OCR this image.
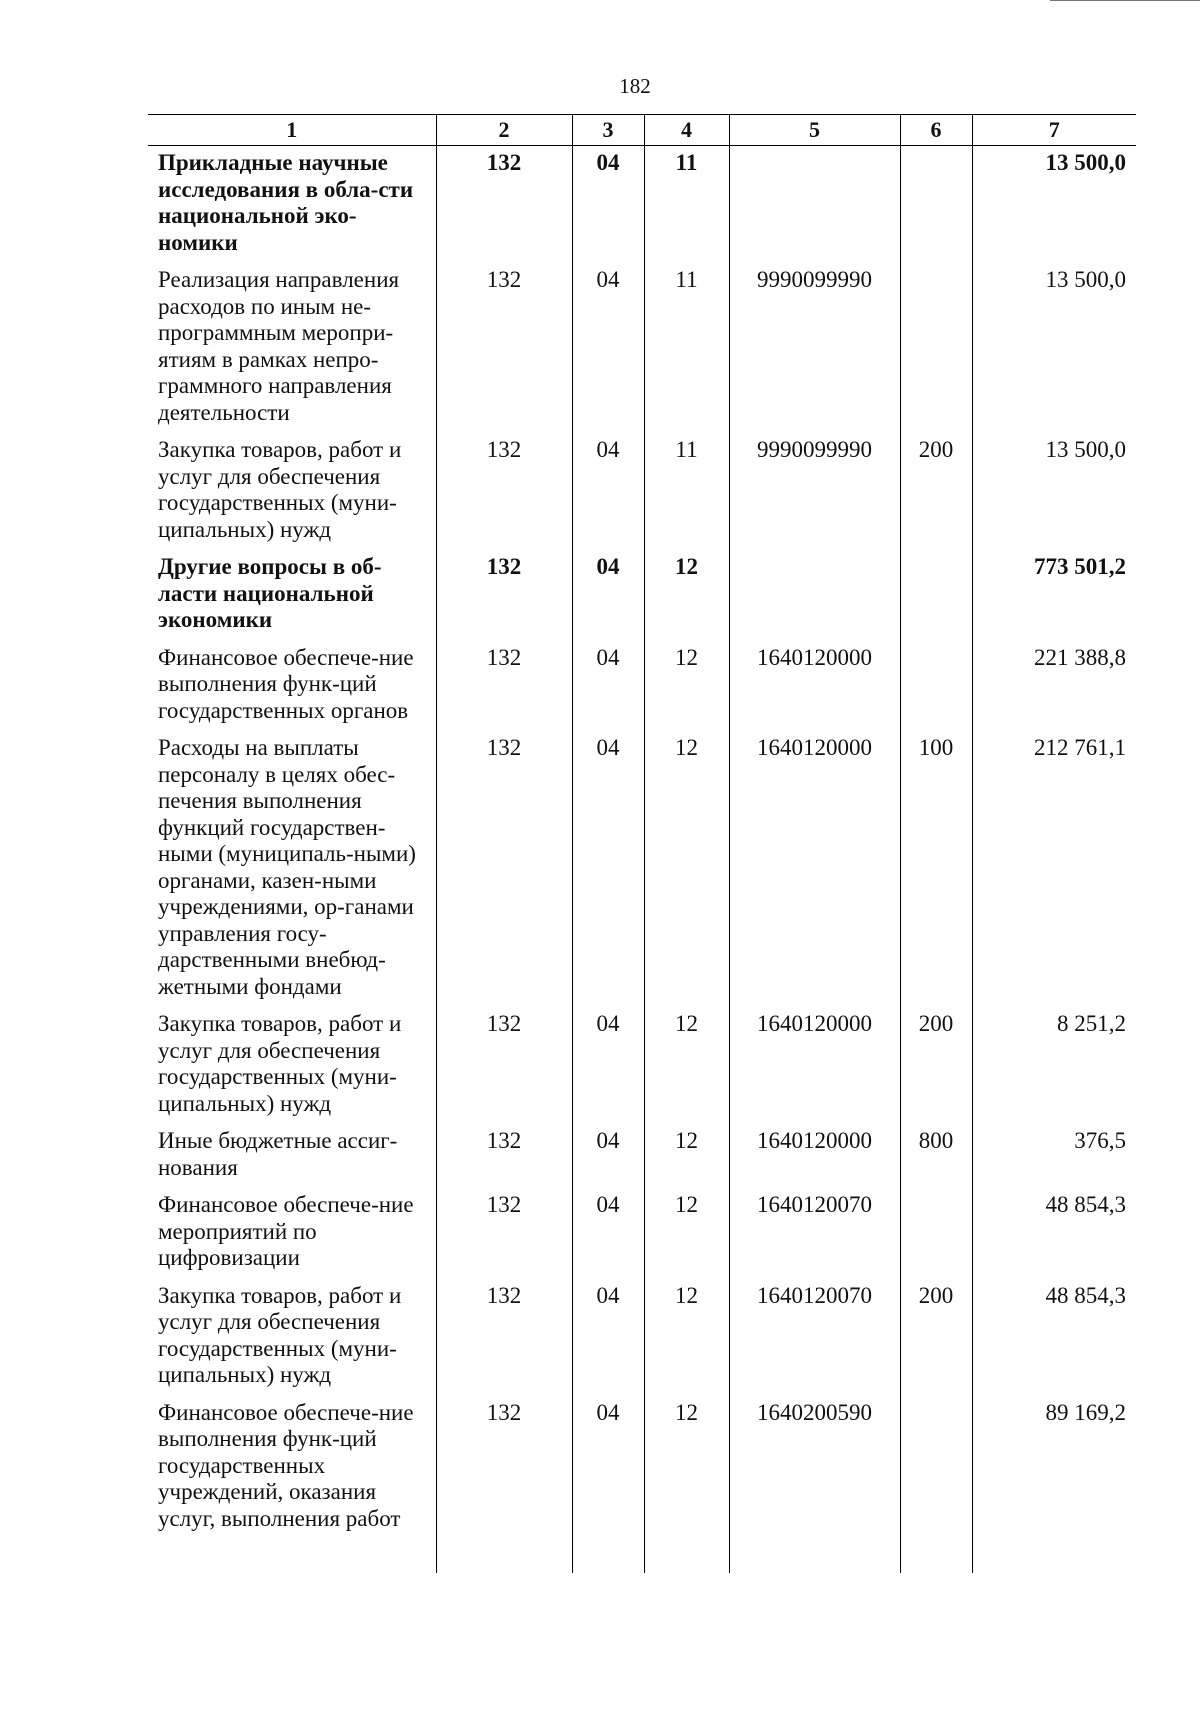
182
1	2	3	4	5	6	7
Прикладные научные исследования в обла-сти национальной эко-номики	132	04	11			13 500,0
Реализация направления расходов по иным не-программным меропри-ятиям в рамках непро-граммного направления деятельности	132	04	11	9990099990		13 500,0
Закупка товаров, работ и услуг для обеспечения государственных (муни-ципальных) нужд	132	04	11	9990099990	200	13 500,0
Другие вопросы в об-ласти национальной экономики	132	04	12			773 501,2
Финансовое обеспече-ние выполнения функ-ций государственных органов	132	04	12	1640120000		221 388,8
Расходы на выплаты персоналу в целях обес-печения выполнения функций государствен-ными (муниципаль-ными) органами, казен-ными учреждениями, ор-ганами управления госу-дарственными внебюд-жетными фондами	132	04	12	1640120000	100	212 761,1
Закупка товаров, работ и услуг для обеспечения государственных (муни-ципальных) нужд	132	04	12	1640120000	200	8 251,2
Иные бюджетные ассиг-нования	132	04	12	1640120000	800	376,5
Финансовое обеспече-ние мероприятий по цифровизации	132	04	12	1640120070		48 854,3
Закупка товаров, работ и услуг для обеспечения государственных (муни-ципальных) нужд	132	04	12	1640120070	200	48 854,3
Финансовое обеспече-ние выполнения функ-ций государственных учреждений, оказания услуг, выполнения работ	132	04	12	1640200590		89 169,2
